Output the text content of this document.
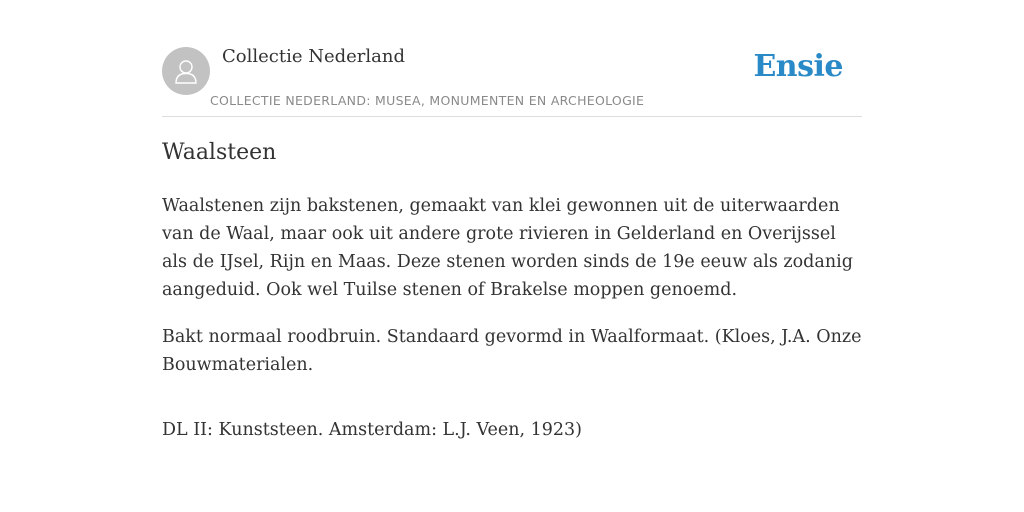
Collectie Nederland
COLLECTIE NEDERLAND: MUSEA, MONUMENTEN EN ARCHEOLOGIE
Ensie
Waalsteen

Waalstenen zijn bakstenen, gemaakt van klei gewonnen uit de uiterwaarden van de Waal, maar ook uit andere grote rivieren in Gelderland en Overijssel als de IJsel, Rijn en Maas. Deze stenen worden sinds de 19e eeuw als zodanig aangeduid. Ook wel Tuilse stenen of Brakelse moppen genoemd.

Bakt normaal roodbruin. Standaard gevormd in Waalformaat. (Kloes, J.A. Onze Bouwmaterialen.

DL II: Kunststeen. Amsterdam: L.J. Veen, 1923)
